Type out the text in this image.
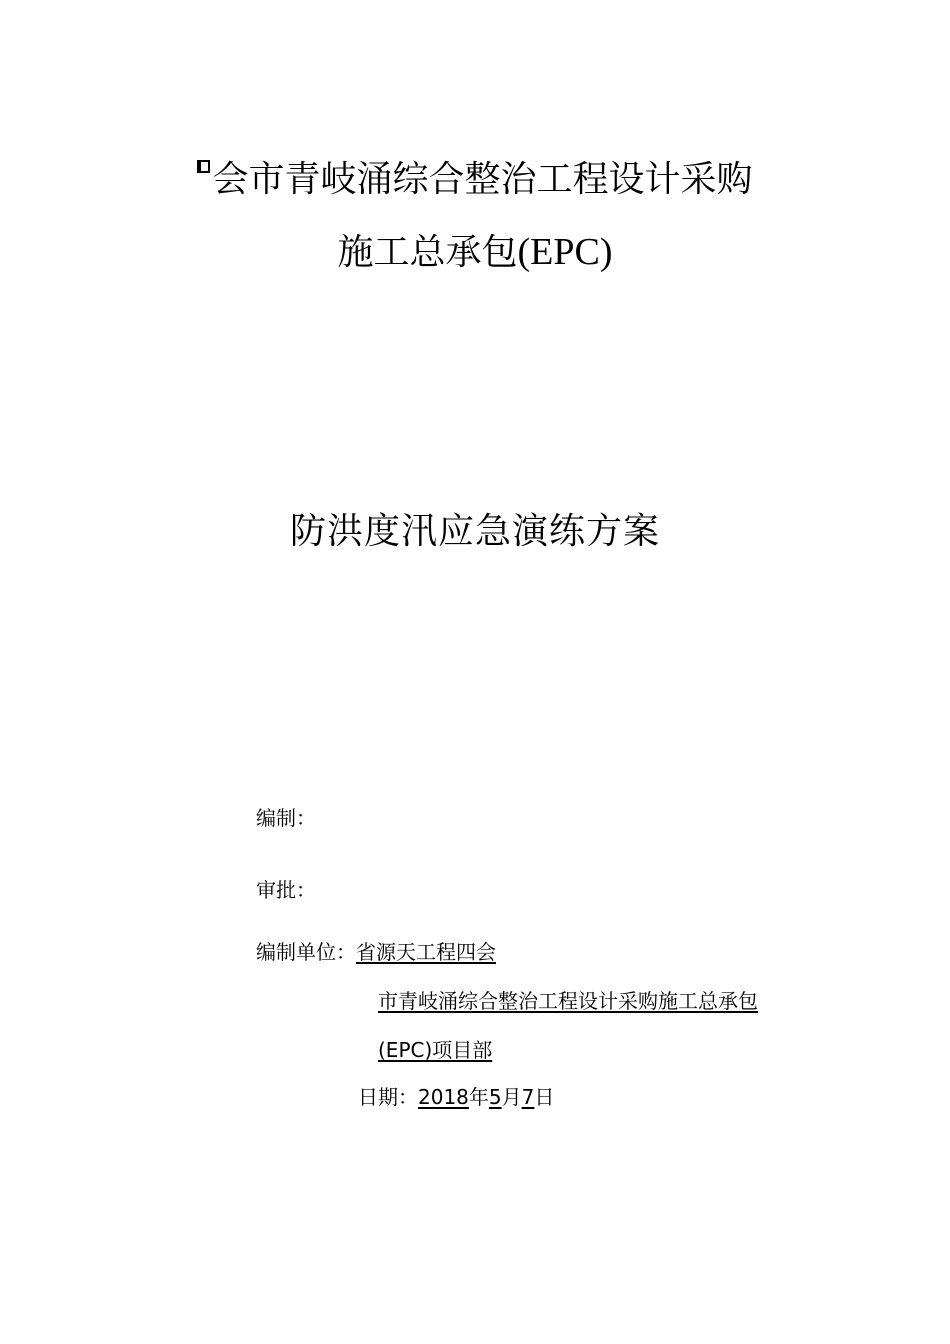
会市青岐涌综合整治工程设计采购
施工总承包(EPC)
防洪度汛应急演练方案
编制：
审批：
编制单位：省源天工程四会
市青岐涌综合整治工程设计采购施工总承包
(EPC)项目部
日期：2018年5月7日
